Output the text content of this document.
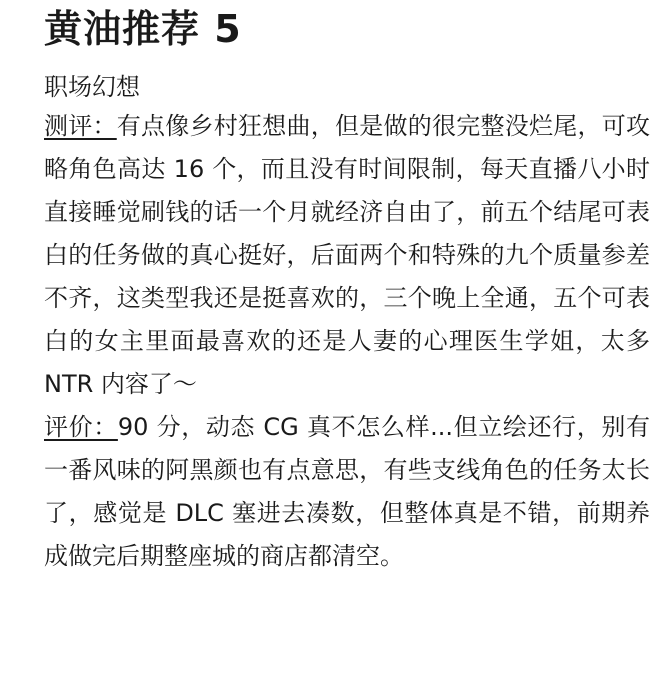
黄油推荐 5
职场幻想

测评：有点像乡村狂想曲，但是做的很完整没烂尾，可攻略角色高达 16 个，而且没有时间限制，每天直播八小时直接睡觉刷钱的话一个月就经济自由了，前五个结尾可表白的任务做的真心挺好，后面两个和特殊的九个质量参差不齐，这类型我还是挺喜欢的，三个晚上全通，五个可表白的女主里面最喜欢的还是人妻的心理医生学姐，太多 NTR 内容了～

评价：90 分，动态 CG 真不怎么样...但立绘还行，别有一番风味的阿黑颜也有点意思，有些支线角色的任务太长了，感觉是 DLC 塞进去凑数，但整体真是不错，前期养成做完后期整座城的商店都清空。
